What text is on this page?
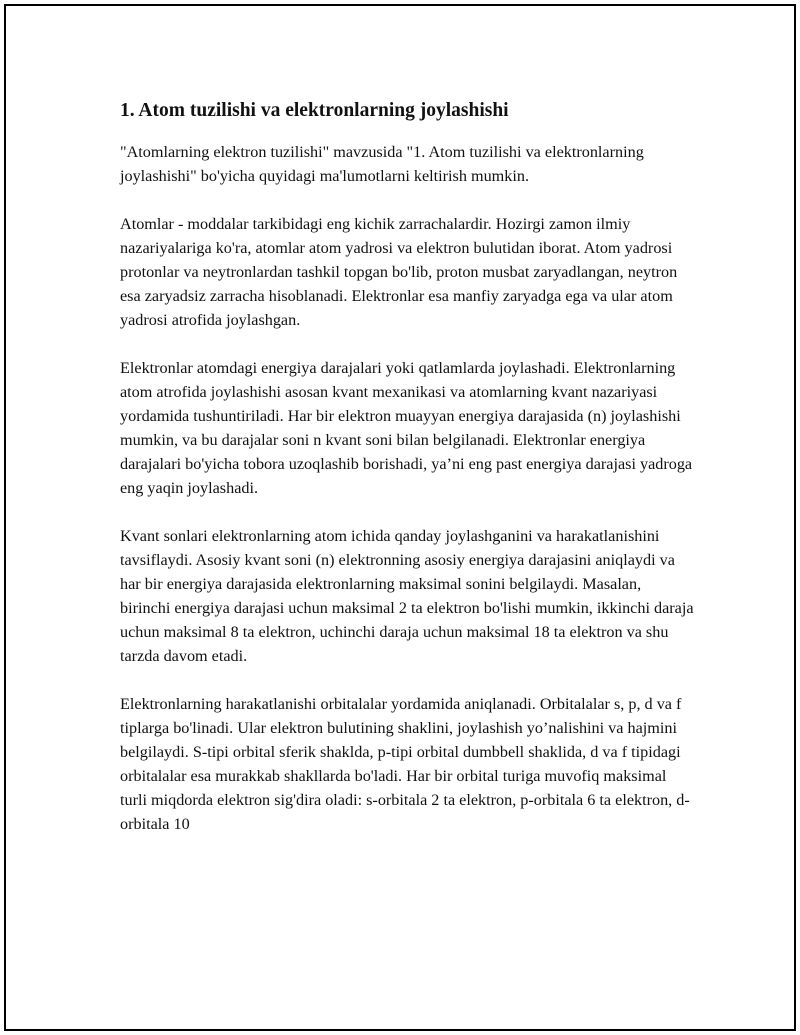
1. Atom tuzilishi va elektronlarning joylashishi

"Atomlarning elektron tuzilishi" mavzusida "1. Atom tuzilishi va elektronlarning joylashishi" bo'yicha quyidagi ma'lumotlarni keltirish mumkin.

Atomlar - moddalar tarkibidagi eng kichik zarrachalardir. Hozirgi zamon ilmiy nazariyalariga ko'ra, atomlar atom yadrosi va elektron bulutidan iborat. Atom yadrosi protonlar va neytronlardan tashkil topgan bo'lib, proton musbat zaryadlangan, neytron esa zaryadsiz zarracha hisoblanadi. Elektronlar esa manfiy zaryadga ega va ular atom yadrosi atrofida joylashgan.

Elektronlar atomdagi energiya darajalari yoki qatlamlarda joylashadi. Elektronlarning atom atrofida joylashishi asosan kvant mexanikasi va atomlarning kvant nazariyasi yordamida tushuntiriladi. Har bir elektron muayyan energiya darajasida (n) joylashishi mumkin, va bu darajalar soni n kvant soni bilan belgilanadi. Elektronlar energiya darajalari bo'yicha tobora uzoqlashib borishadi, ya’ni eng past energiya darajasi yadroga eng yaqin joylashadi.

Kvant sonlari elektronlarning atom ichida qanday joylashganini va harakatlanishini tavsiflaydi. Asosiy kvant soni (n) elektronning asosiy energiya darajasini aniqlaydi va har bir energiya darajasida elektronlarning maksimal sonini belgilaydi. Masalan, birinchi energiya darajasi uchun maksimal 2 ta elektron bo'lishi mumkin, ikkinchi daraja uchun maksimal 8 ta elektron, uchinchi daraja uchun maksimal 18 ta elektron va shu tarzda davom etadi.

Elektronlarning harakatlanishi orbitalalar yordamida aniqlanadi. Orbitalalar s, p, d va f tiplarga bo'linadi. Ular elektron bulutining shaklini, joylashish yo’nalishini va hajmini belgilaydi. S-tipi orbital sferik shaklda, p-tipi orbital dumbbell shaklida, d va f tipidagi orbitalalar esa murakkab shakllarda bo'ladi. Har bir orbital turiga muvofiq maksimal turli miqdorda elektron sig'dira oladi: s-orbitala 2 ta elektron, p-orbitala 6 ta elektron, d-orbitala 10
